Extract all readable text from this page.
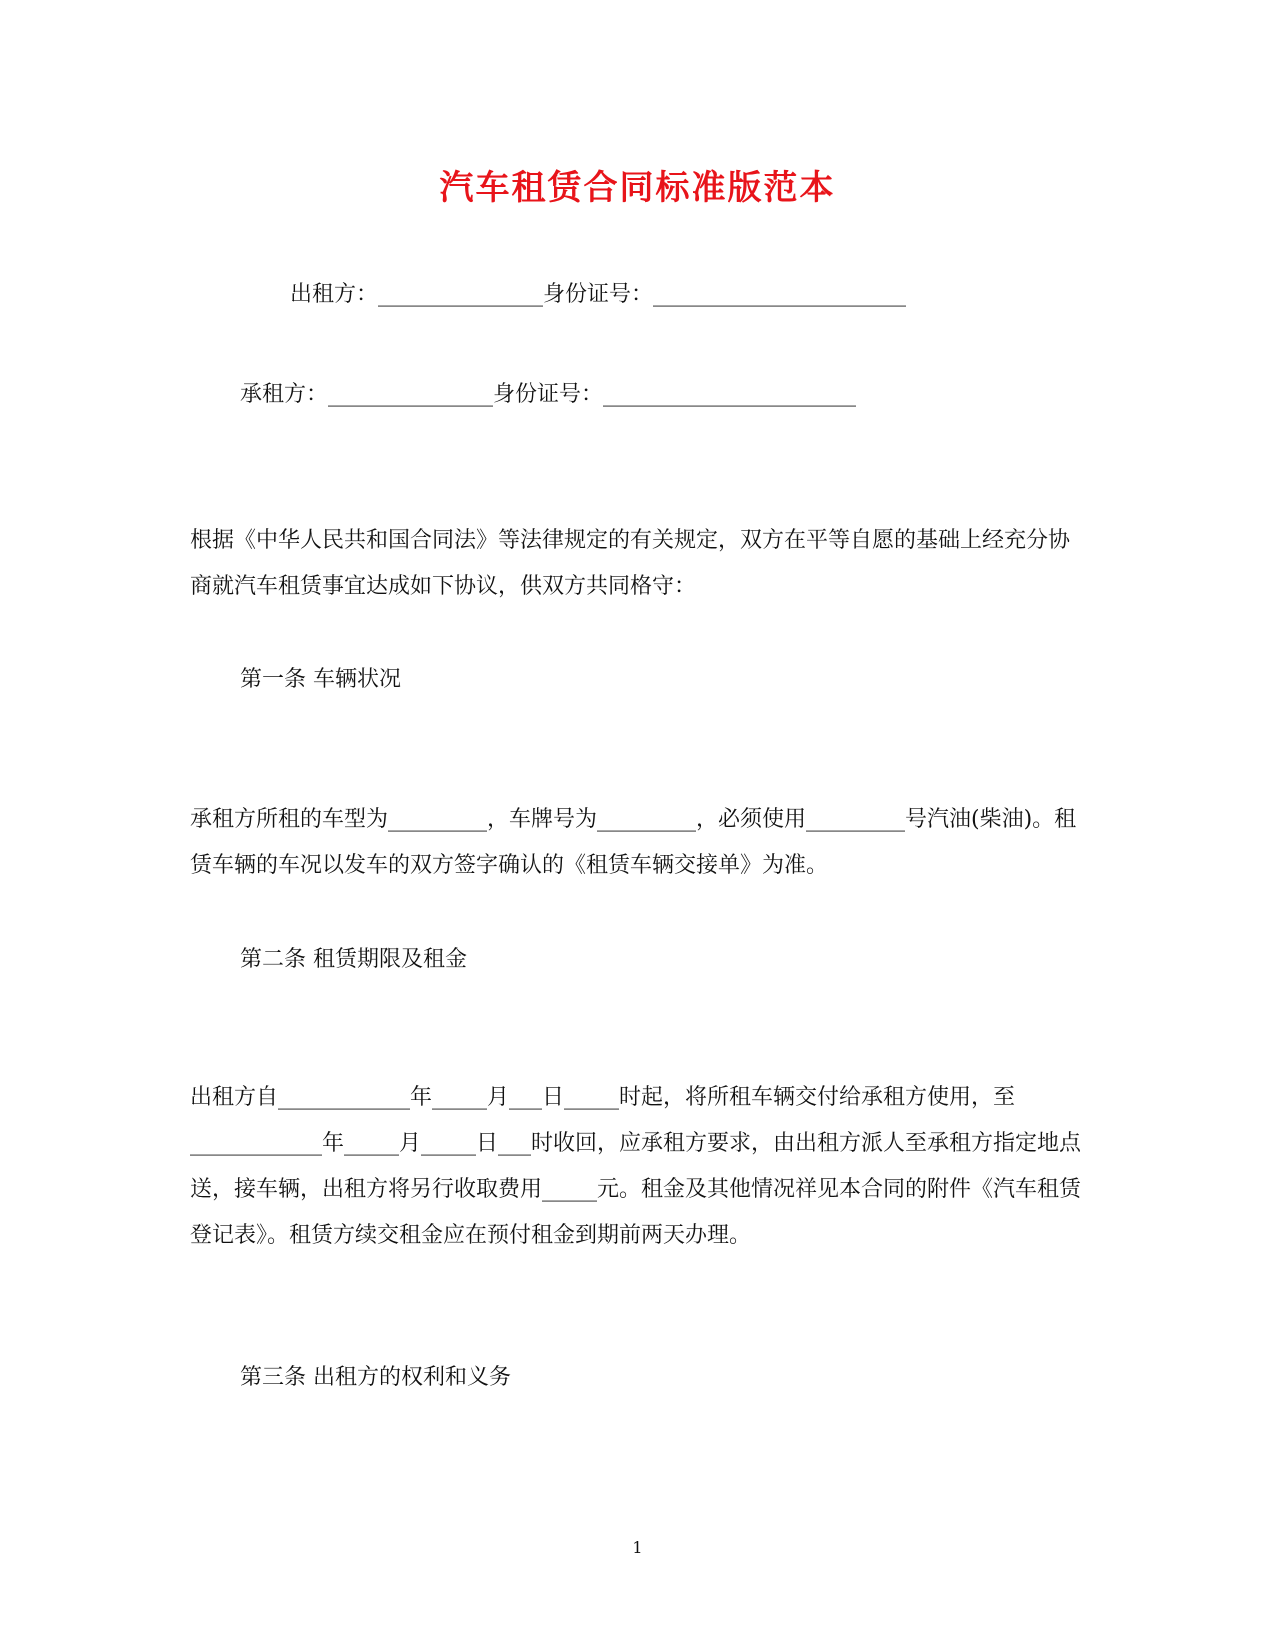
汽车租赁合同标准版范本
出租方：_______________身份证号：_______________________
承租方：_______________身份证号：_______________________
根据《中华人民共和国合同法》等法律规定的有关规定，双方在平等自愿的基础上经充分协商就汽车租赁事宜达成如下协议，供双方共同格守：
第一条 车辆状况
承租方所租的车型为_________，车牌号为_________，必须使用_________号汽油(柴油)。租赁车辆的车况以发车的双方签字确认的《租赁车辆交接单》为准。
第二条 租赁期限及租金
出租方自____________年_____月___日_____时起，将所租车辆交付给承租方使用，至____________年_____月_____日___时收回，应承租方要求，由出租方派人至承租方指定地点送，接车辆，出租方将另行收取费用_____元。租金及其他情况祥见本合同的附件《汽车租赁登记表》。租赁方续交租金应在预付租金到期前两天办理。
第三条 出租方的权利和义务
1
